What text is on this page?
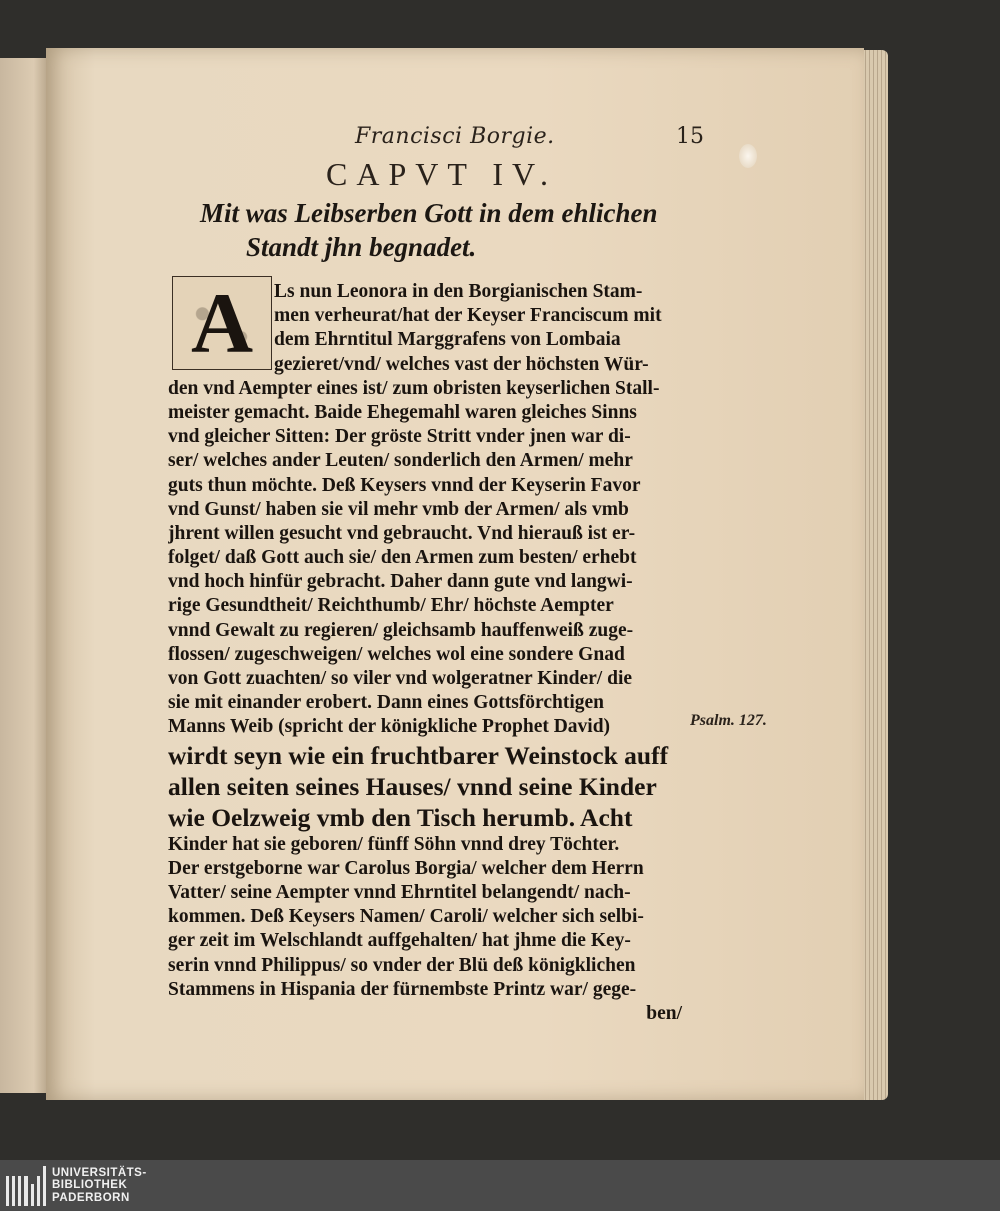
Francisci Borgie.	15
CAPVT IV.
Mit was Leibserben Gott in dem ehlichen
Standt jhn begnadet.
A	Ls nun Leonora in den Borgianischen Stam-
men verheurat/hat der Keyser Franciscum mit
dem Ehrntitul Marggrafens von Lombaia
gezieret/vnd/ welches vast der höchsten Wür-
den vnd Aempter eines ist/ zum obristen keyserlichen Stall-
meister gemacht. Baide Ehegemahl waren gleiches Sinns
vnd gleicher Sitten: Der gröste Stritt vnder jnen war di-
ser/ welches ander Leuten/ sonderlich den Armen/ mehr
guts thun möchte. Deß Keysers vnnd der Keyserin Favor
vnd Gunst/ haben sie vil mehr vmb der Armen/ als vmb
jhrent willen gesucht vnd gebraucht. Vnd hierauß ist er-
folget/ daß Gott auch sie/ den Armen zum besten/ erhebt
vnd hoch hinfür gebracht. Daher dann gute vnd langwi-
rige Gesundtheit/ Reichthumb/ Ehr/ höchste Aempter
vnnd Gewalt zu regieren/ gleichsamb hauffenweiß zuge-
flossen/ zugeschweigen/ welches wol eine sondere Gnad
von Gott zuachten/ so viler vnd wolgeratner Kinder/ die
sie mit einander erobert. Dann eines Gottsförchtigen
Manns Weib (spricht der königkliche Prophet David)
wirdt seyn wie ein fruchtbarer Weinstock auff
allen seiten seines Hauses/ vnnd seine Kinder
wie Oelzweig vmb den Tisch herumb. Acht
Kinder hat sie geboren/ fünff Söhn vnnd drey Töchter.
Der erstgeborne war Carolus Borgia/ welcher dem Herrn
Vatter/ seine Aempter vnnd Ehrntitel belangendt/ nach-
kommen. Deß Keysers Namen/ Caroli/ welcher sich selbi-
ger zeit im Welschlandt auffgehalten/ hat jhme die Key-
serin vnnd Philippus/ so vnder der Blü deß königklichen
Stammens in Hispania der fürnembste Printz war/ gege-
ben/
Psalm. 127.
UNIVERSITÄTS-
BIBLIOTHEK
PADERBORN
